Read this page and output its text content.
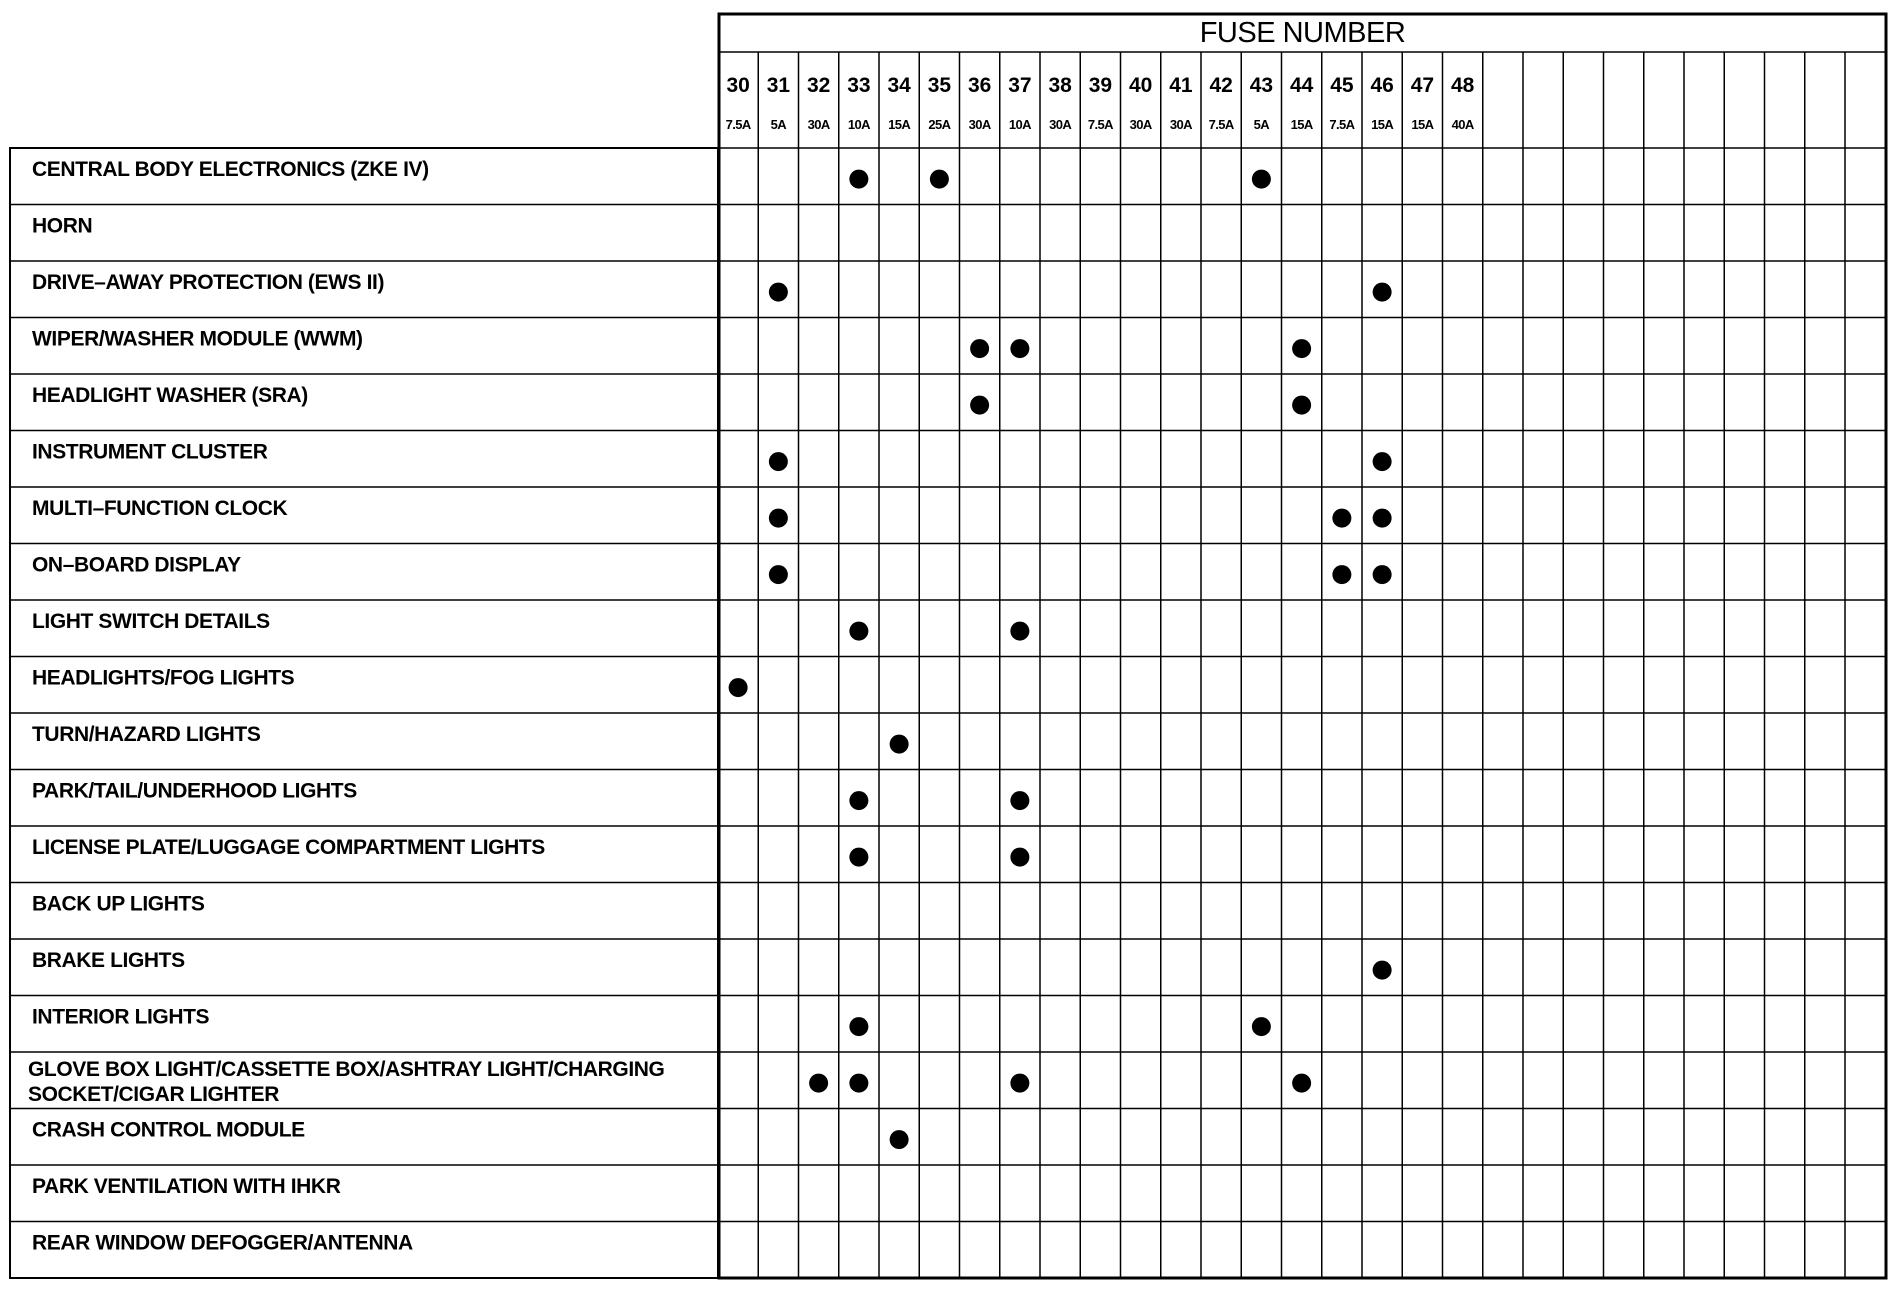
FUSE NUMBER
30
7.5A
31
5A
32
30A
33
10A
34
15A
35
25A
36
30A
37
10A
38
30A
39
7.5A
40
30A
41
30A
42
7.5A
43
5A
44
15A
45
7.5A
46
15A
47
15A
48
40A
CENTRAL BODY ELECTRONICS (ZKE IV)
HORN
DRIVE–AWAY PROTECTION (EWS II)
WIPER/WASHER MODULE (WWM)
HEADLIGHT WASHER (SRA)
INSTRUMENT CLUSTER
MULTI–FUNCTION CLOCK
ON–BOARD DISPLAY
LIGHT SWITCH DETAILS
HEADLIGHTS/FOG LIGHTS
TURN/HAZARD LIGHTS
PARK/TAIL/UNDERHOOD LIGHTS
LICENSE PLATE/LUGGAGE COMPARTMENT LIGHTS
BACK UP LIGHTS
BRAKE LIGHTS
INTERIOR LIGHTS
GLOVE BOX LIGHT/CASSETTE BOX/ASHTRAY LIGHT/CHARGING SOCKET/CIGAR LIGHTER
CRASH CONTROL MODULE
PARK VENTILATION WITH IHKR
REAR WINDOW DEFOGGER/ANTENNA
